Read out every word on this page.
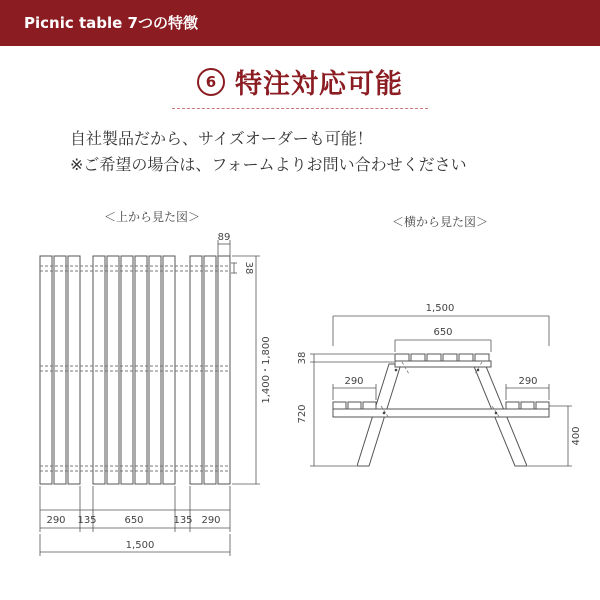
Picnic table 7つの特徴
6 特注対応可能
自社製品だから、サイズオーダーも可能！
※ご希望の場合は、フォームよりお問い合わせください
＜上から見た図＞
89
38
1,400・1,800
290 135	650	135 290
1,500
＜横から見た図＞
1,500
650
290	290
38
720
400
